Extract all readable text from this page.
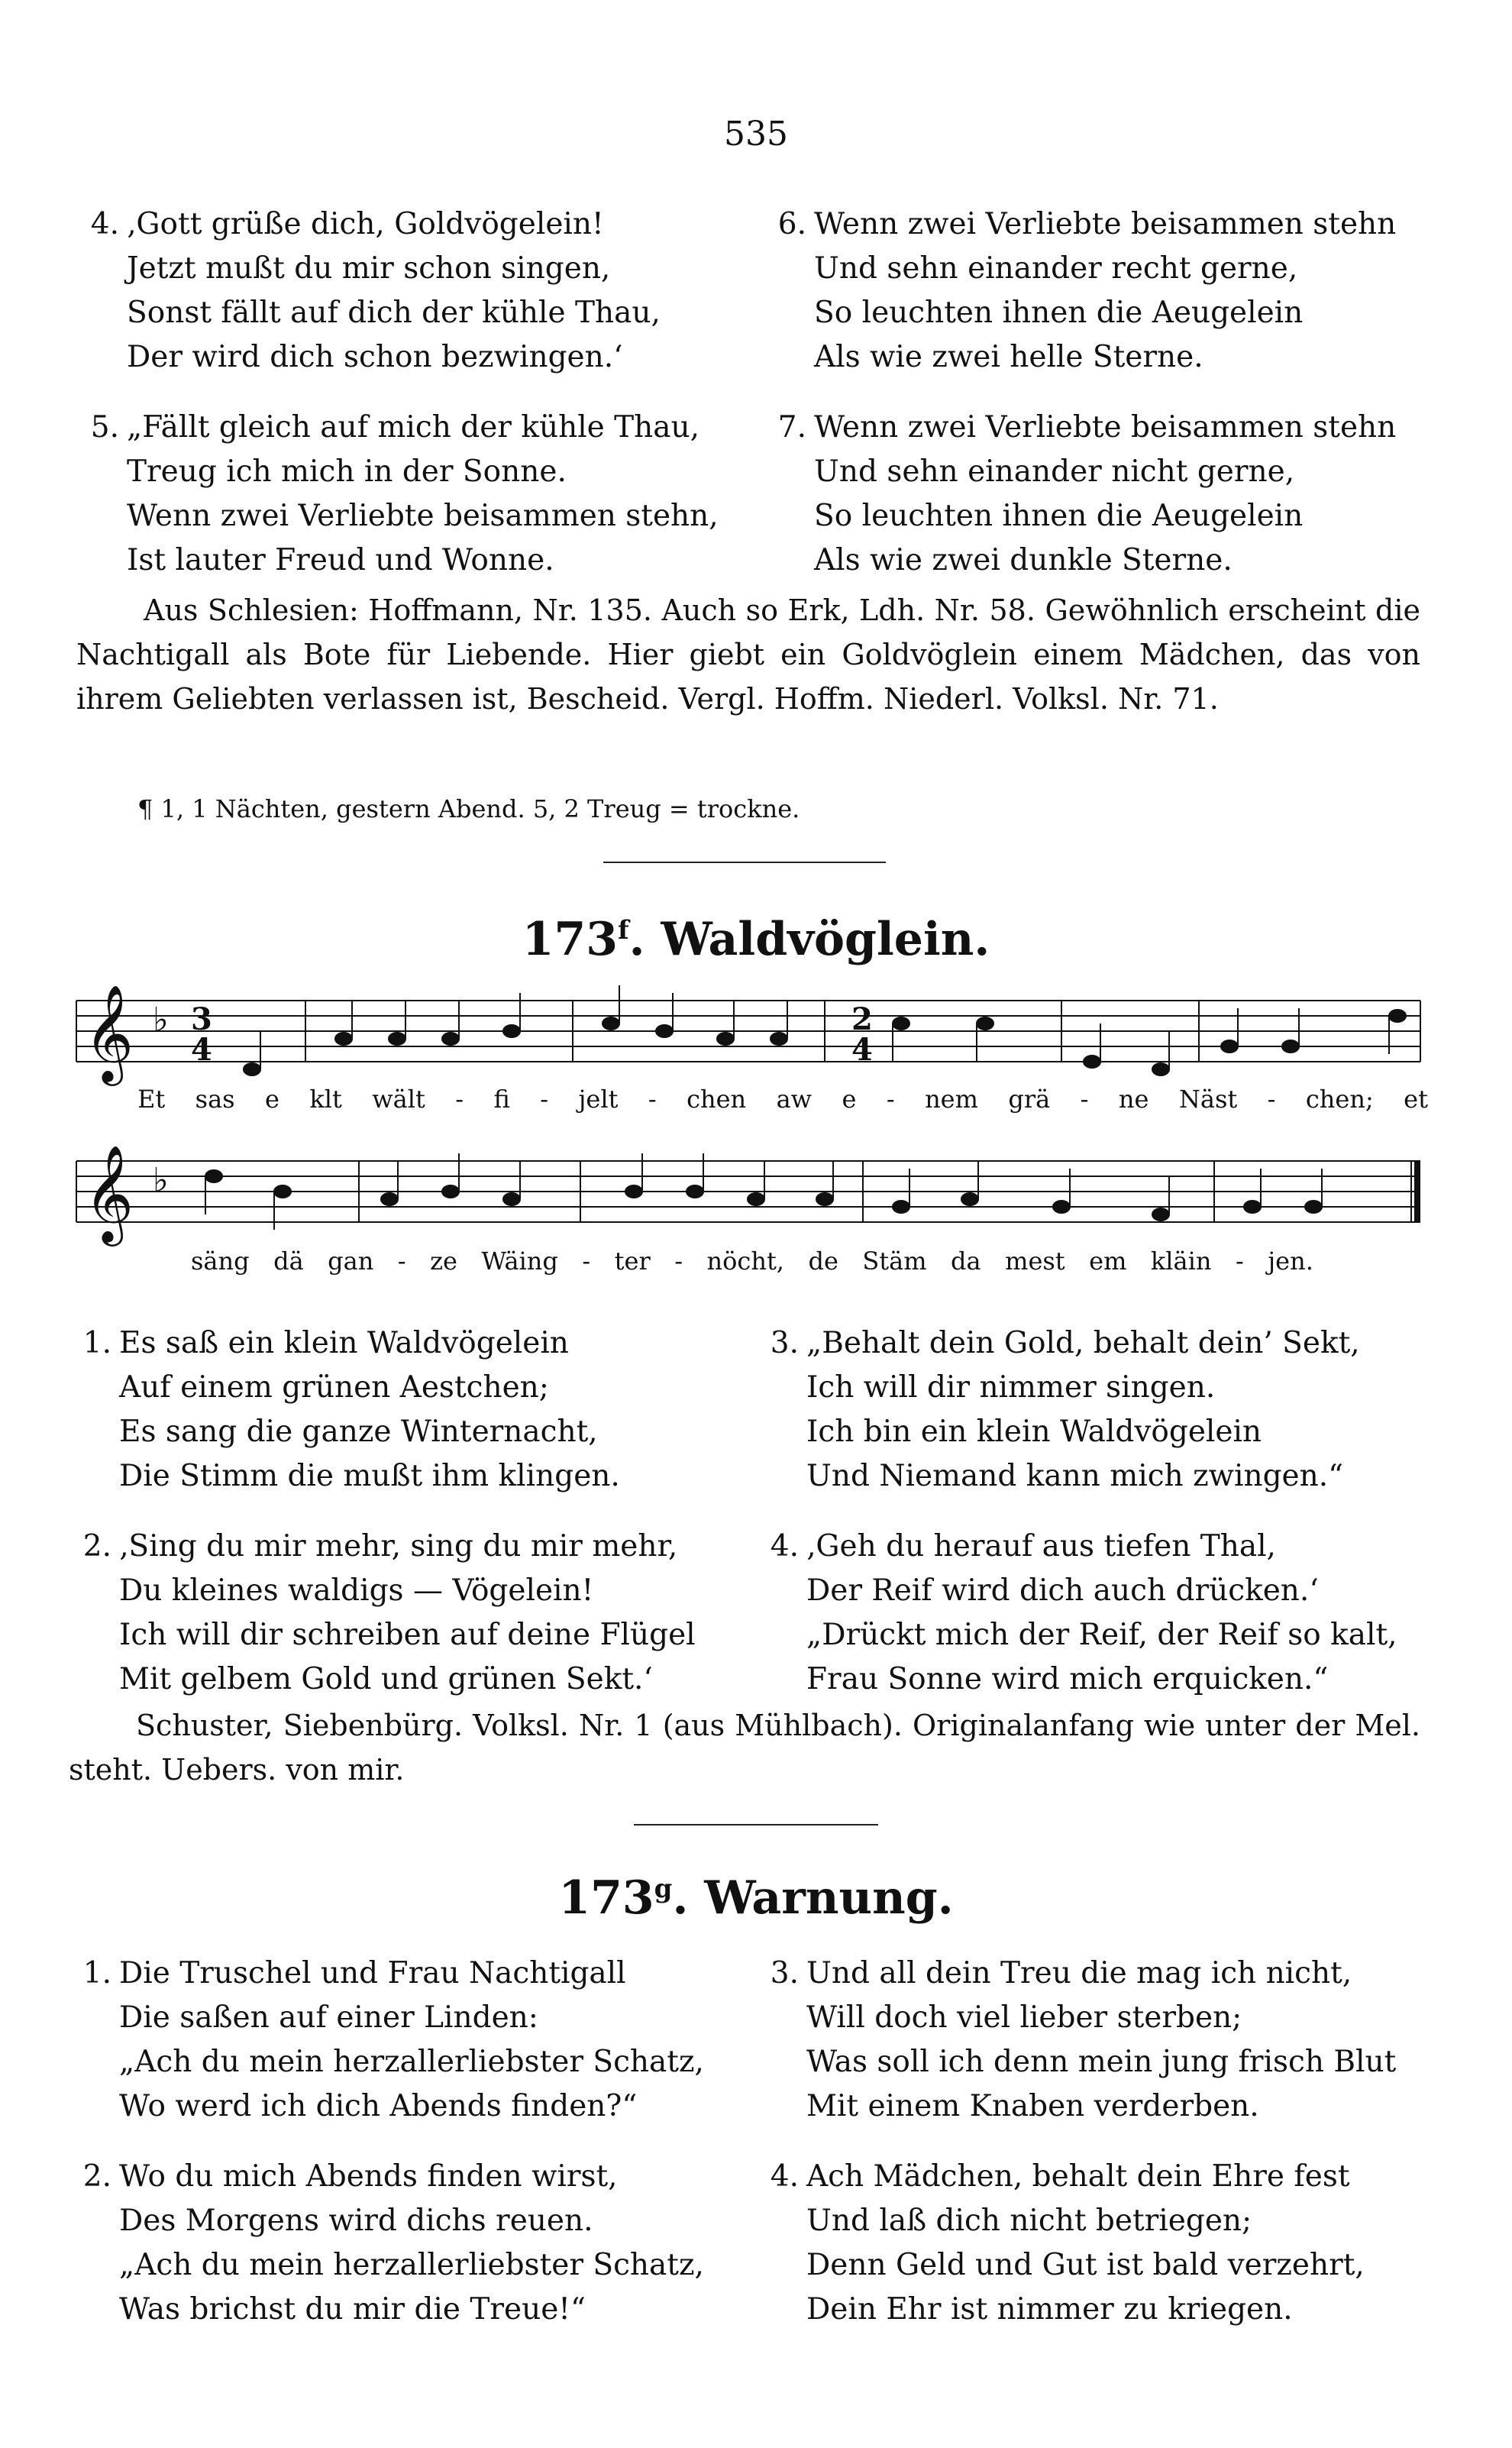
535
4. ‚Gott grüße dich, Goldvögelein!
Jetzt mußt du mir schon singen,
Sonst fällt auf dich der kühle Thau,
Der wird dich schon bezwingen.‘
5. „Fällt gleich auf mich der kühle Thau,
Treug ich mich in der Sonne.
Wenn zwei Verliebte beisammen stehn,
Ist lauter Freud und Wonne.
6. Wenn zwei Verliebte beisammen stehn
Und sehn einander recht gerne,
So leuchten ihnen die Aeugelein
Als wie zwei helle Sterne.
7. Wenn zwei Verliebte beisammen stehn
Und sehn einander nicht gerne,
So leuchten ihnen die Aeugelein
Als wie zwei dunkle Sterne.

Aus Schlesien: Hoffmann, Nr. 135. Auch so Erk, Ldh. Nr. 58. Gewöhnlich erscheint die Nachtigall als Bote für Liebende. Hier giebt ein Goldvöglein einem Mädchen, das von ihrem Geliebten verlassen ist, Bescheid. Vergl. Hoffm. Niederl. Volksl. Nr. 71.

¶ 1, 1 Nächten, gestern Abend. 5, 2 Treug = trockne.
173$^f$. Waldvöglein.
𝄞 ♭ 3
4
2
4
Et sas e klt wält - fi - jelt - chen aw e - nem grä - ne Näst - chen; et
𝄞 ♭
säng dä gan - ze Wäing - ter - nöcht, de Stäm da mest em kläin - jen.
1. Es saß ein klein Waldvögelein
Auf einem grünen Aestchen;
Es sang die ganze Winternacht,
Die Stimm die mußt ihm klingen.
2. ‚Sing du mir mehr, sing du mir mehr,
Du kleines waldigs — Vögelein!
Ich will dir schreiben auf deine Flügel
Mit gelbem Gold und grünen Sekt.‘
3. „Behalt dein Gold, behalt dein’ Sekt,
Ich will dir nimmer singen.
Ich bin ein klein Waldvögelein
Und Niemand kann mich zwingen.“
4. ‚Geh du herauf aus tiefen Thal,
Der Reif wird dich auch drücken.‘
„Drückt mich der Reif, der Reif so kalt,
Frau Sonne wird mich erquicken.“

Schuster, Siebenbürg. Volksl. Nr. 1 (aus Mühlbach). Originalanfang wie unter der Mel. steht. Uebers. von mir.

173$^g$. Warnung.
1. Die Truschel und Frau Nachtigall
Die saßen auf einer Linden:
„Ach du mein herzallerliebster Schatz,
Wo werd ich dich Abends finden?“
2. Wo du mich Abends finden wirst,
Des Morgens wird dichs reuen.
„Ach du mein herzallerliebster Schatz,
Was brichst du mir die Treue!“
3. Und all dein Treu die mag ich nicht,
Will doch viel lieber sterben;
Was soll ich denn mein jung frisch Blut
Mit einem Knaben verderben.
4. Ach Mädchen, behalt dein Ehre fest
Und laß dich nicht betriegen;
Denn Geld und Gut ist bald verzehrt,
Dein Ehr ist nimmer zu kriegen.
